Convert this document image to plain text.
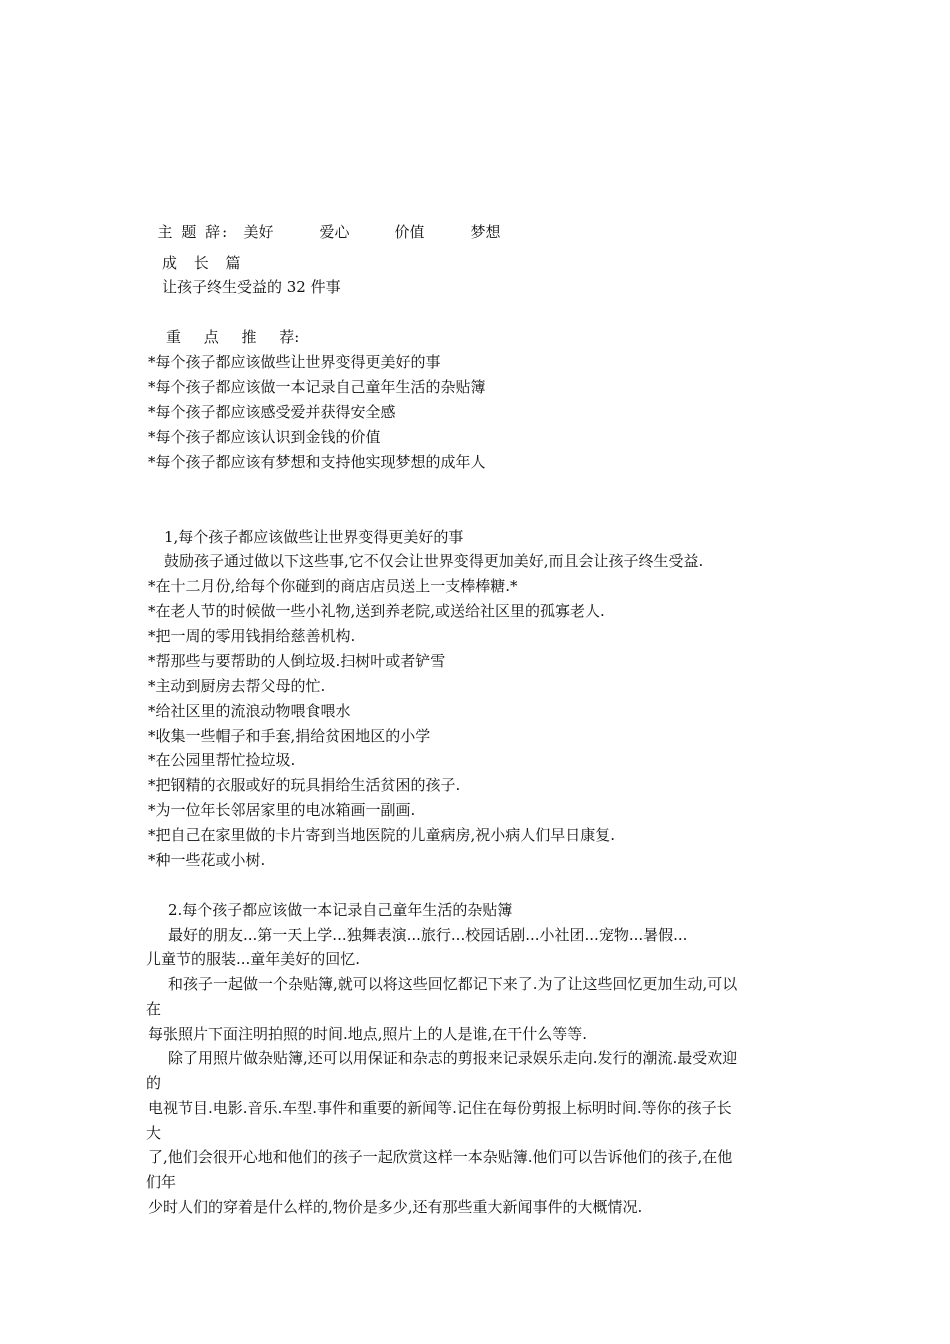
主 题 辞: 美好	爱心	价值	梦想

成 长 篇
让孩子终生受益的 32 件事
重 点 推 荐:
*每个孩子都应该做些让世界变得更美好的事
*每个孩子都应该做一本记录自己童年生活的杂贴簿
*每个孩子都应该感受爱并获得安全感
*每个孩子都应该认识到金钱的价值
*每个孩子都应该有梦想和支持他实现梦想的成年人
1,每个孩子都应该做些让世界变得更美好的事
鼓励孩子通过做以下这些事,它不仅会让世界变得更加美好,而且会让孩子终生受益.
*在十二月份,给每个你碰到的商店店员送上一支棒棒糖.*
*在老人节的时候做一些小礼物,送到养老院,或送给社区里的孤寡老人.
*把一周的零用钱捐给慈善机构.
*帮那些与要帮助的人倒垃圾.扫树叶或者铲雪
*主动到厨房去帮父母的忙.
*给社区里的流浪动物喂食喂水
*收集一些帽子和手套,捐给贫困地区的小学
*在公园里帮忙捡垃圾.
*把钢精的衣服或好的玩具捐给生活贫困的孩子.
*为一位年长邻居家里的电冰箱画一副画.
*把自己在家里做的卡片寄到当地医院的儿童病房,祝小病人们早日康复.
*种一些花或小树.
2.每个孩子都应该做一本记录自己童年生活的杂贴簿
最好的朋友...第一天上学...独舞表演...旅行...校园话剧...小社团...宠物...暑假...
儿童节的服装...童年美好的回忆.
和孩子一起做一个杂贴簿,就可以将这些回忆都记下来了.为了让这些回忆更加生动,可以
在
每张照片下面注明拍照的时间.地点,照片上的人是谁,在干什么等等.
除了用照片做杂贴簿,还可以用保证和杂志的剪报来记录娱乐走向.发行的潮流.最受欢迎
的
电视节目.电影.音乐.车型.事件和重要的新闻等.记住在每份剪报上标明时间.等你的孩子长
大
了,他们会很开心地和他们的孩子一起欣赏这样一本杂贴簿.他们可以告诉他们的孩子,在他
们年
少时人们的穿着是什么样的,物价是多少,还有那些重大新闻事件的大概情况.
